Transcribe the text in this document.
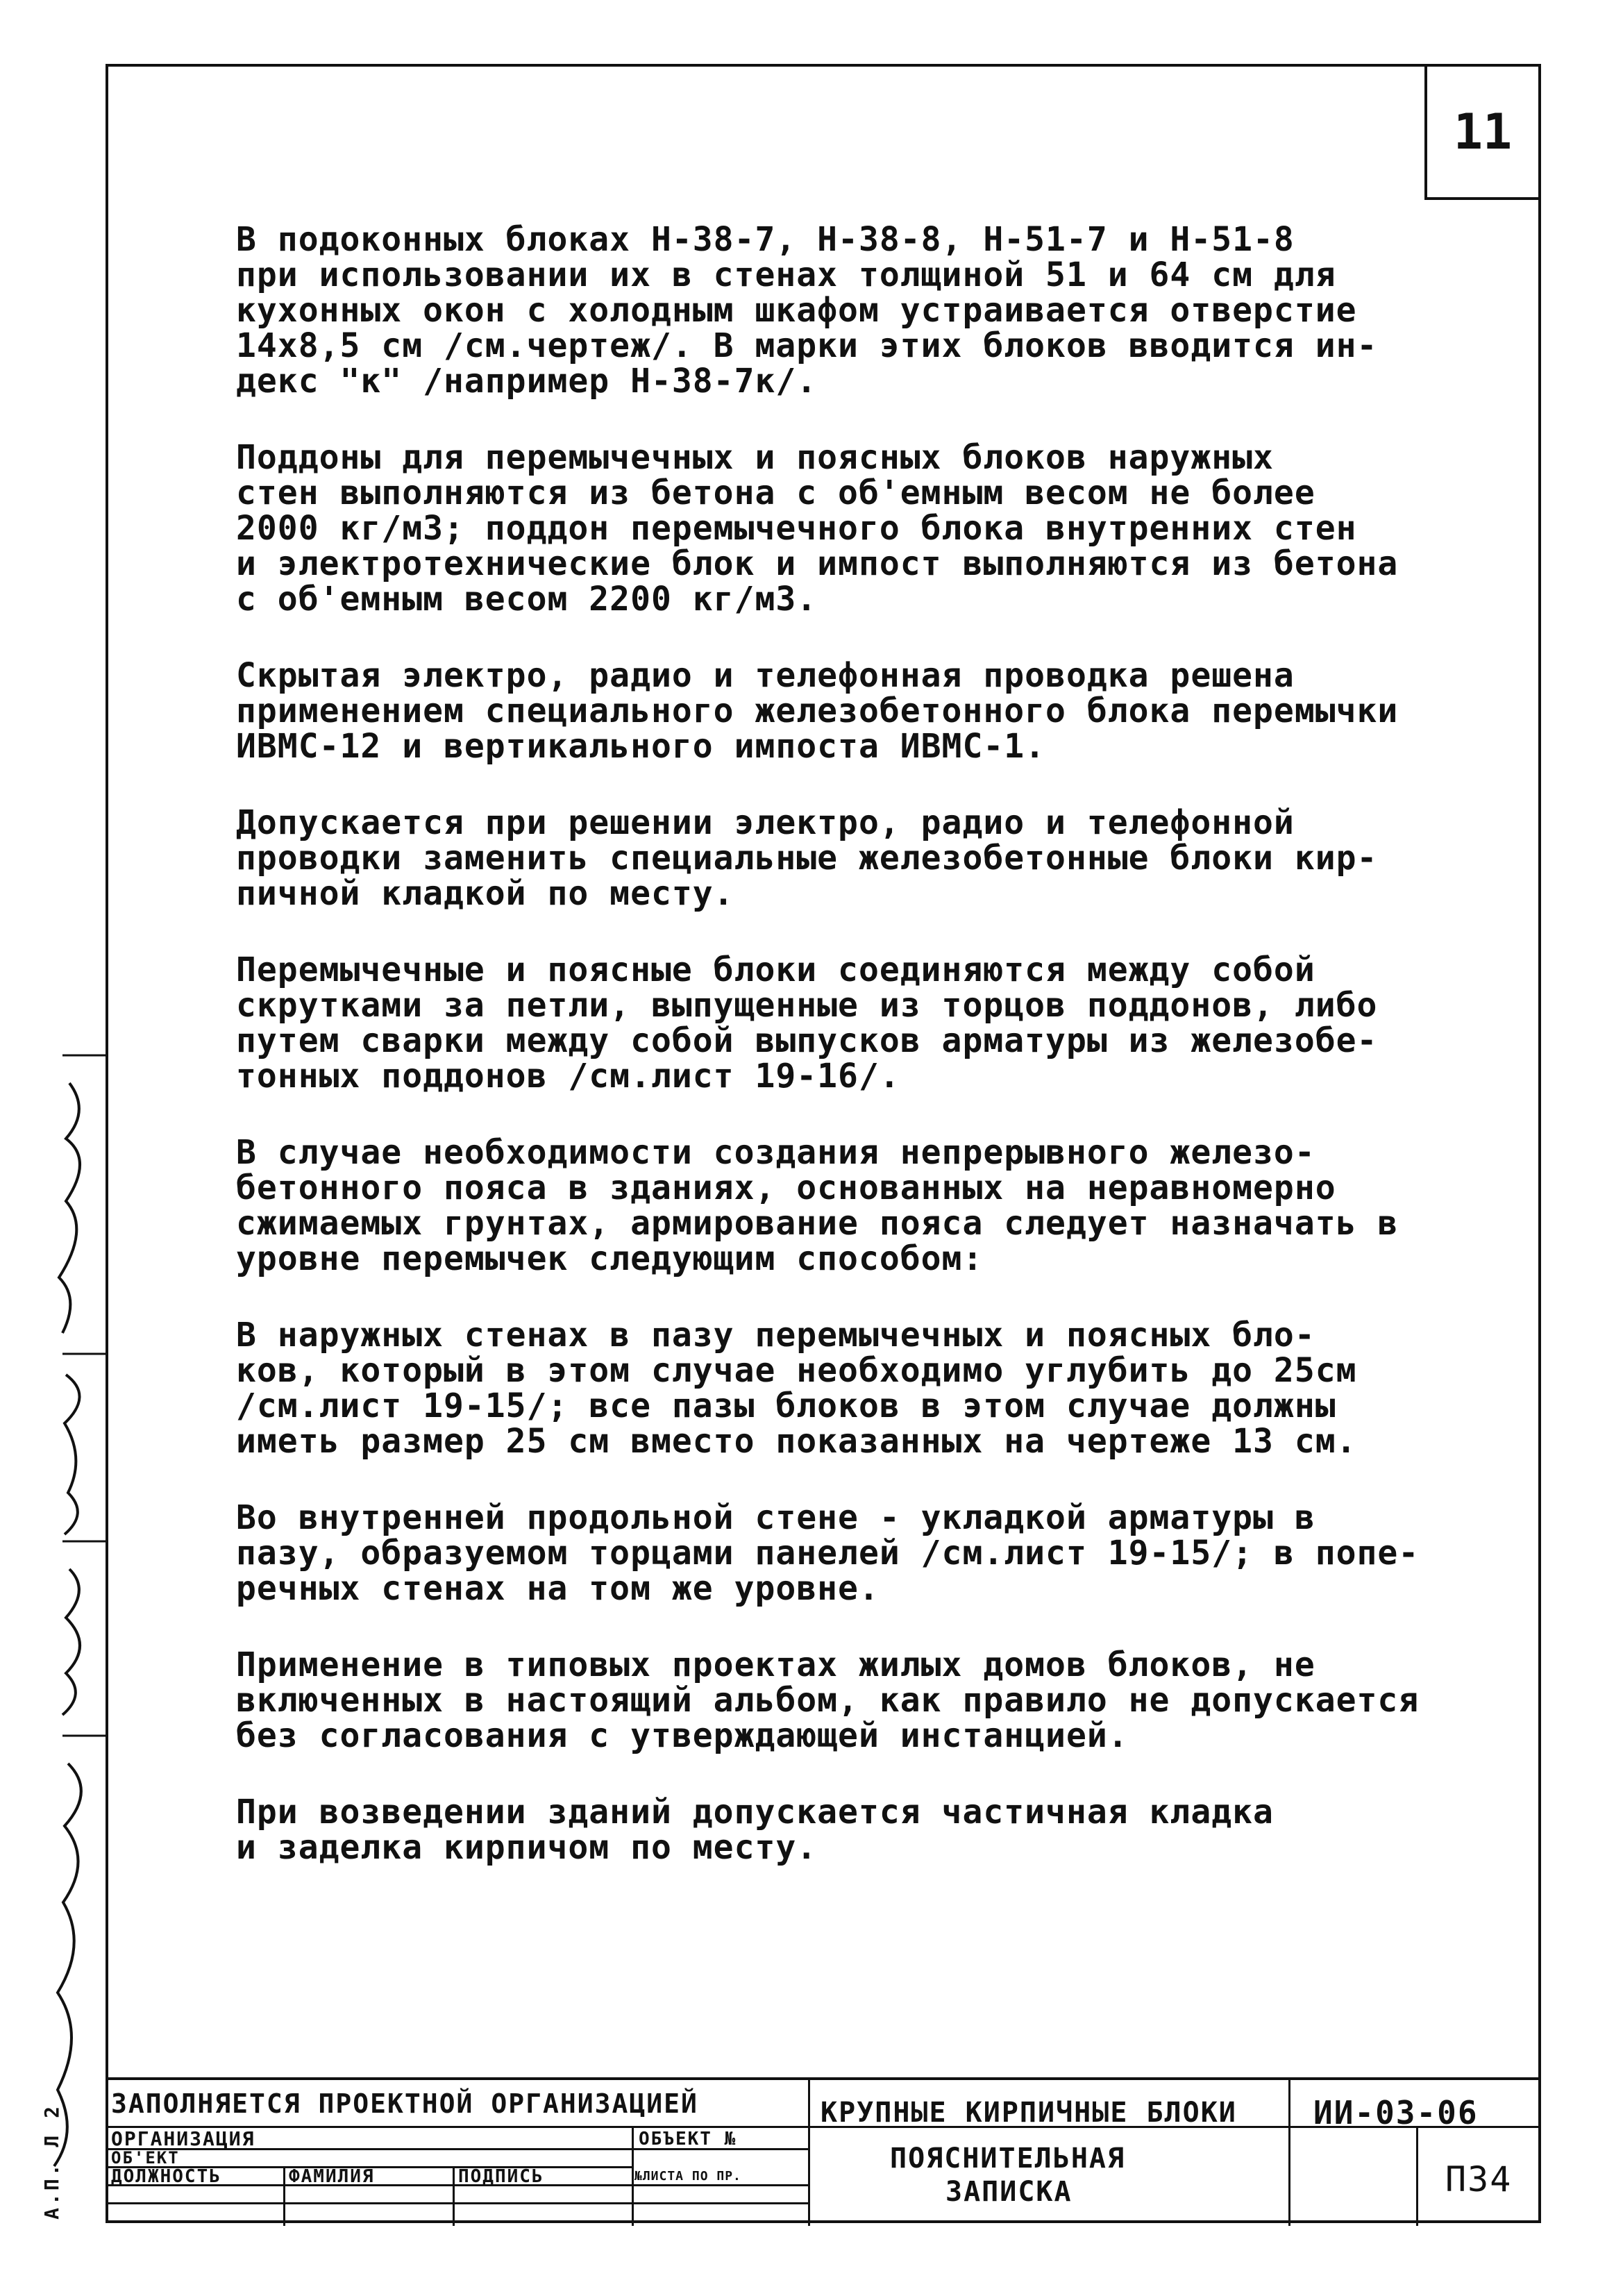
11
А.П. Л 2

В подоконных блоках Н-38-7, Н-38-8, Н-51-7 и Н-51-8
при использовании их в стенах толщиной 51 и 64 см для
кухонных окон с холодным шкафом устраивается отверстие
14х8,5 см /см.чертеж/. В марки этих блоков вводится ин-
декс "к" /например Н-38-7к/.

Поддоны для перемычечных и поясных блоков наружных
стен выполняются из бетона с об'емным весом не более
2000 кг/м3; поддон перемычечного блока внутренних стен
и электротехнические блок и импост выполняются из бетона
с об'емным весом 2200 кг/м3.

Скрытая электро, радио и телефонная проводка решена
применением специального железобетонного блока перемычки
ИВМС-12 и вертикального импоста ИВМС-1.

Допускается при решении электро, радио и телефонной
проводки заменить специальные железобетонные блоки кир-
пичной кладкой по месту.

Перемычечные и поясные блоки соединяются между собой
скрутками за петли, выпущенные из торцов поддонов, либо
путем сварки между собой выпусков арматуры из железобе-
тонных поддонов /см.лист 19-16/.

В случае необходимости создания непрерывного железо-
бетонного пояса в зданиях, основанных на неравномерно
сжимаемых грунтах, армирование пояса следует назначать в
уровне перемычек следующим способом:

В наружных стенах в пазу перемычечных и поясных бло-
ков, который в этом случае необходимо углубить до 25см
/см.лист 19-15/; все пазы блоков в этом случае должны
иметь размер 25 см вместо показанных на чертеже 13 см.

Во внутренней продольной стене - укладкой арматуры в
пазу, образуемом торцами панелей /см.лист 19-15/; в попе-
речных стенах на том же уровне.

Применение в типовых проектах жилых домов блоков, не
включенных в настоящий альбом, как правило не допускается
без согласования с утверждающей инстанцией.

При возведении зданий допускается частичная кладка
и заделка кирпичом по месту.

ЗАПОЛНЯЕТСЯ ПРОЕКТНОЙ ОРГАНИЗАЦИЕЙ
ОРГАНИЗАЦИЯ
ОБ'ЕКТ
ОБЪЕКТ №
ДОЛЖНОСТЬ	ФАМИЛИЯ	ПОДПИСЬ	№ЛИСТА ПО ПР.
КРУПНЫЕ КИРПИЧНЫЕ БЛОКИ ИИ-03-06
ПОЯСНИТЕЛЬНАЯ
ЗАПИСКА	П34
